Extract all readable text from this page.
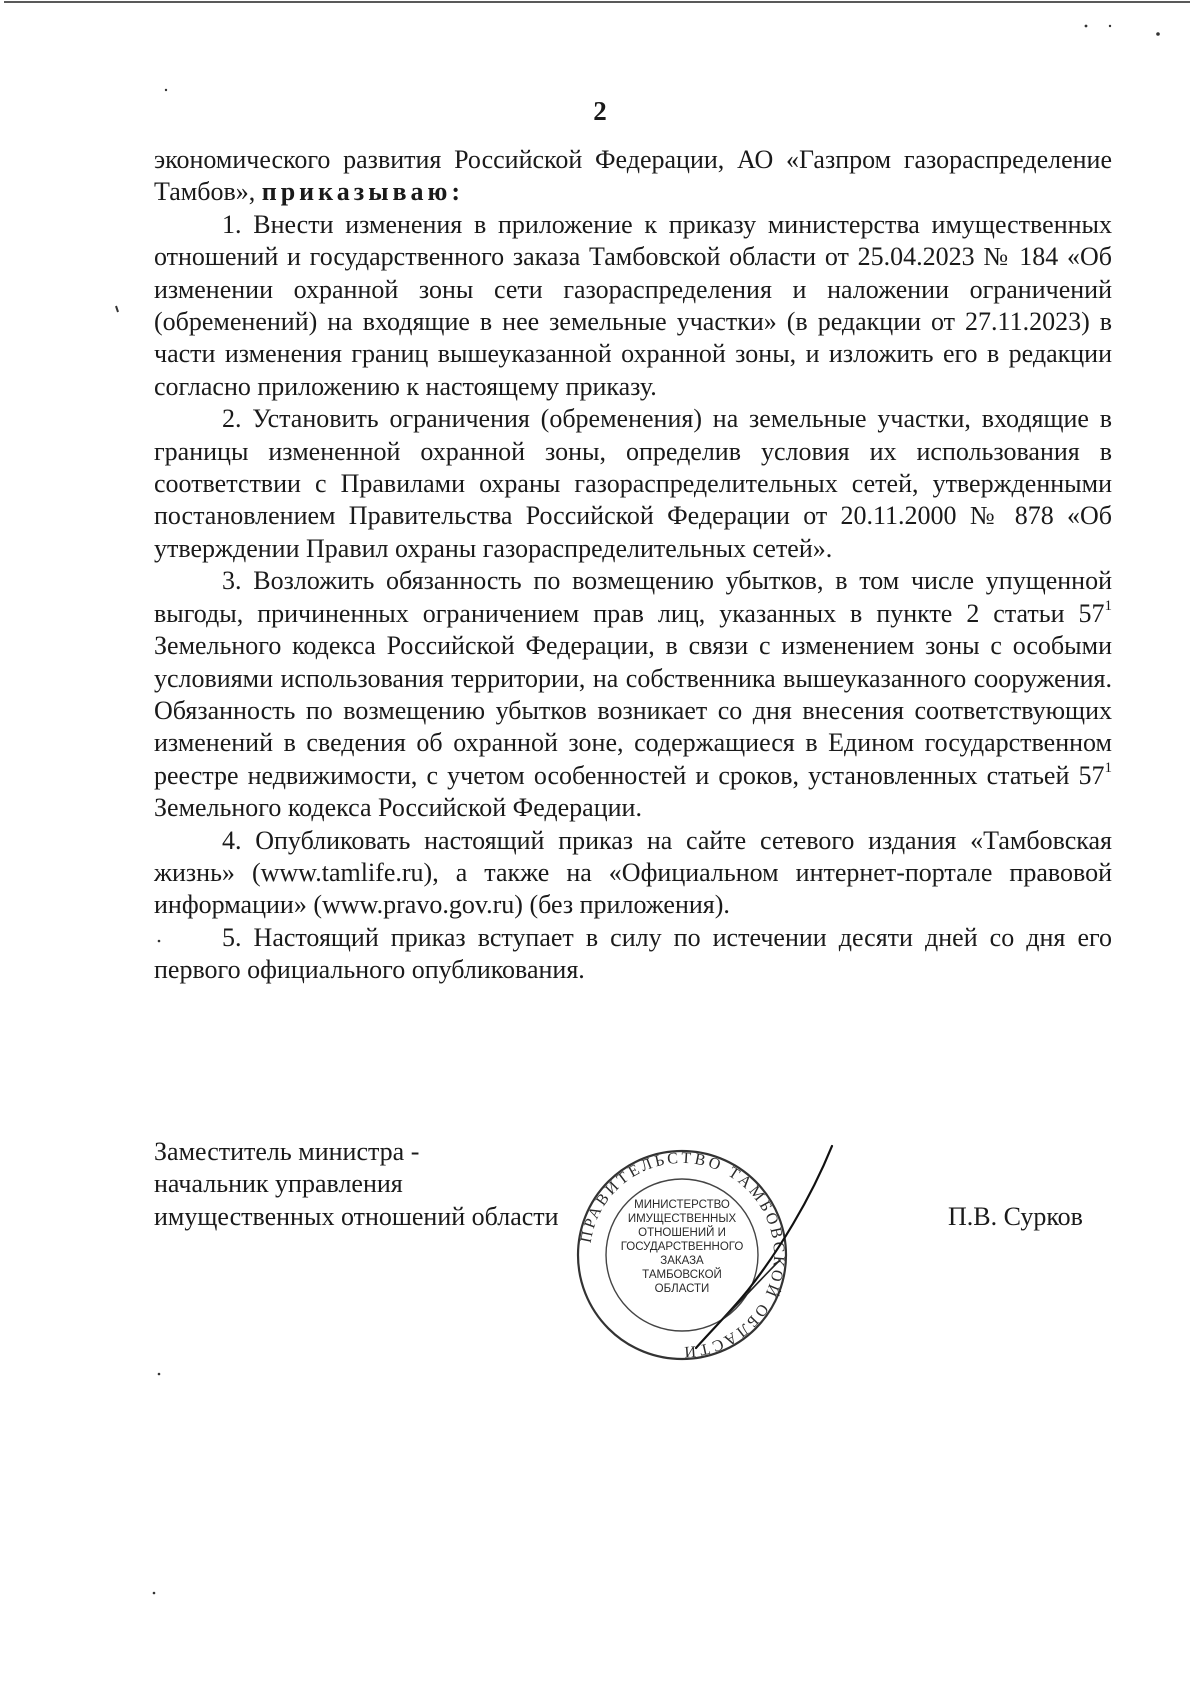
2

экономического развития Российской Федерации, АО «Газпром газораспределение Тамбов», приказываю:

1. Внести изменения в приложение к приказу министерства имущественных отношений и государственного заказа Тамбовской области от 25.04.2023 № 184 «Об изменении охранной зоны сети газораспределения и наложении ограничений (обременений) на входящие в нее земельные участки» (в редакции от 27.11.2023) в части изменения границ вышеуказанной охранной зоны, и изложить его в редакции согласно приложению к настоящему приказу.

2. Установить ограничения (обременения) на земельные участки, входящие в границы измененной охранной зоны, определив условия их использования в соответствии с Правилами охраны газораспределительных сетей, утвержденными постановлением Правительства Российской Федерации от 20.11.2000 № 878 «Об утверждении Правил охраны газораспределительных сетей».

3. Возложить обязанность по возмещению убытков, в том числе упущенной выгоды, причиненных ограничением прав лиц, указанных в пункте 2 статьи $57^1$ Земельного кодекса Российской Федерации, в связи с изменением зоны с особыми условиями использования территории, на собственника вышеуказанного сооружения. Обязанность по возмещению убытков возникает со дня внесения соответствующих изменений в сведения об охранной зоне, содержащиеся в Едином государственном реестре недвижимости, с учетом особенностей и сроков, установленных статьей $57^1$ Земельного кодекса Российской Федерации.

4. Опубликовать настоящий приказ на сайте сетевого издания «Тамбовская жизнь» (www.tamlife.ru), а также на «Официальном интернет-портале правовой информации» (www.pravo.gov.ru) (без приложения).

5. Настоящий приказ вступает в силу по истечении десяти дней со дня его первого официального опубликования.

Заместитель министра -
начальник управления
имущественных отношений области
ПРАВИТЕЛЬСТВО ТАМБОВСКОЙ ОБЛАСТИ
МИНИСТЕРСТВО
ИМУЩЕСТВЕННЫХ
ОТНОШЕНИЙ И
ГОСУДАРСТВЕННОГО
ЗАКАЗА
ТАМБОВСКОЙ
ОБЛАСТИ
П.В. Сурков
